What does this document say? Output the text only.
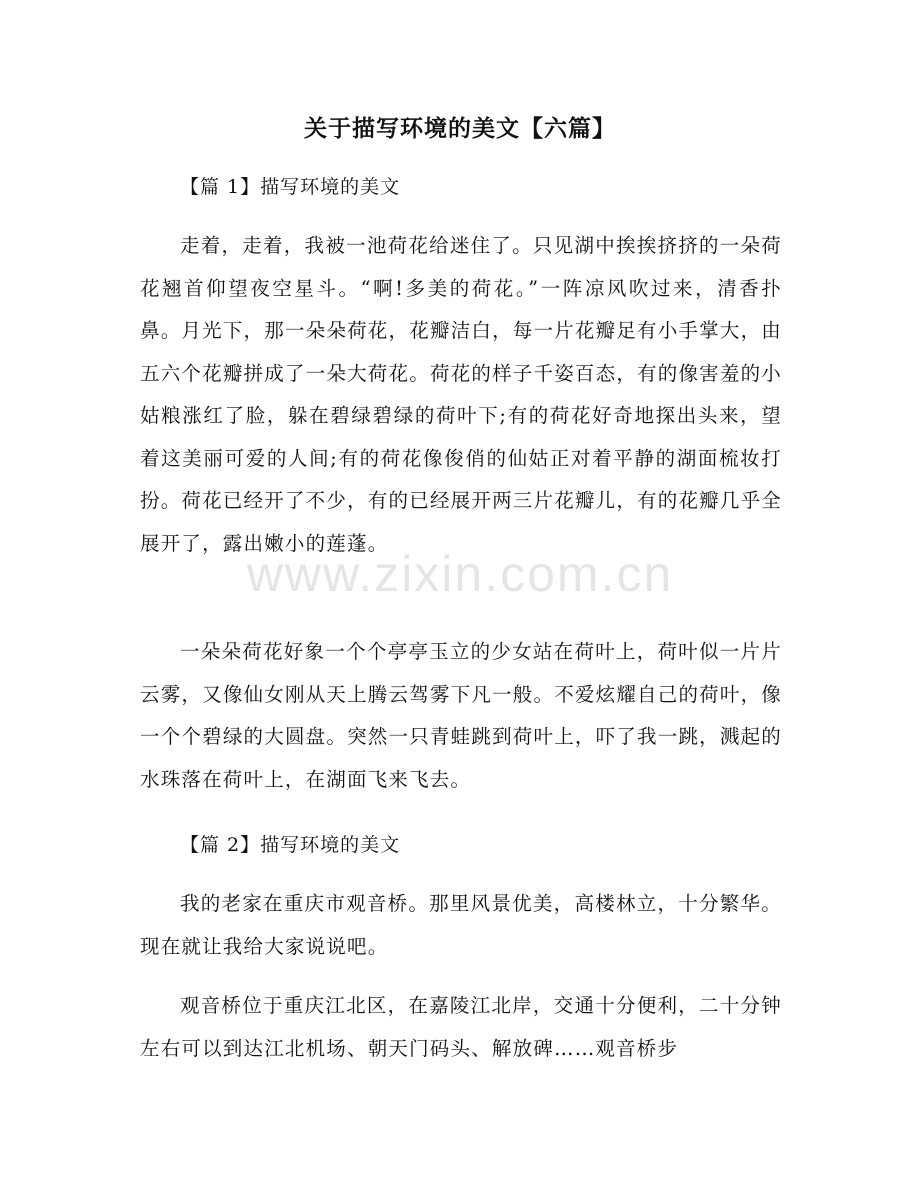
关于描写环境的美文【六篇】
【篇 1】描写环境的美文

走着，走着，我被一池荷花给迷住了。只见湖中挨挨挤挤的一朵荷花翘首仰望夜空星斗。“啊!多美的荷花。”一阵凉风吹过来，清香扑鼻。月光下，那一朵朵荷花，花瓣洁白，每一片花瓣足有小手掌大，由五六个花瓣拼成了一朵大荷花。荷花的样子千姿百态，有的像害羞的小姑粮涨红了脸，躲在碧绿碧绿的荷叶下;有的荷花好奇地探出头来，望着这美丽可爱的人间;有的荷花像俊俏的仙姑正对着平静的湖面梳妆打扮。荷花已经开了不少，有的已经展开两三片花瓣儿，有的花瓣几乎全展开了，露出嫩小的莲蓬。

一朵朵荷花好象一个个亭亭玉立的少女站在荷叶上，荷叶似一片片云雾，又像仙女刚从天上腾云驾雾下凡一般。不爱炫耀自己的荷叶，像一个个碧绿的大圆盘。突然一只青蛙跳到荷叶上，吓了我一跳，溅起的水珠落在荷叶上，在湖面飞来飞去。

【篇 2】描写环境的美文

我的老家在重庆市观音桥。那里风景优美，高楼林立，十分繁华。现在就让我给大家说说吧。

观音桥位于重庆江北区，在嘉陵江北岸，交通十分便利，二十分钟左右可以到达江北机场、朝天门码头、解放碑……观音桥步

www.zixin.com.cn
